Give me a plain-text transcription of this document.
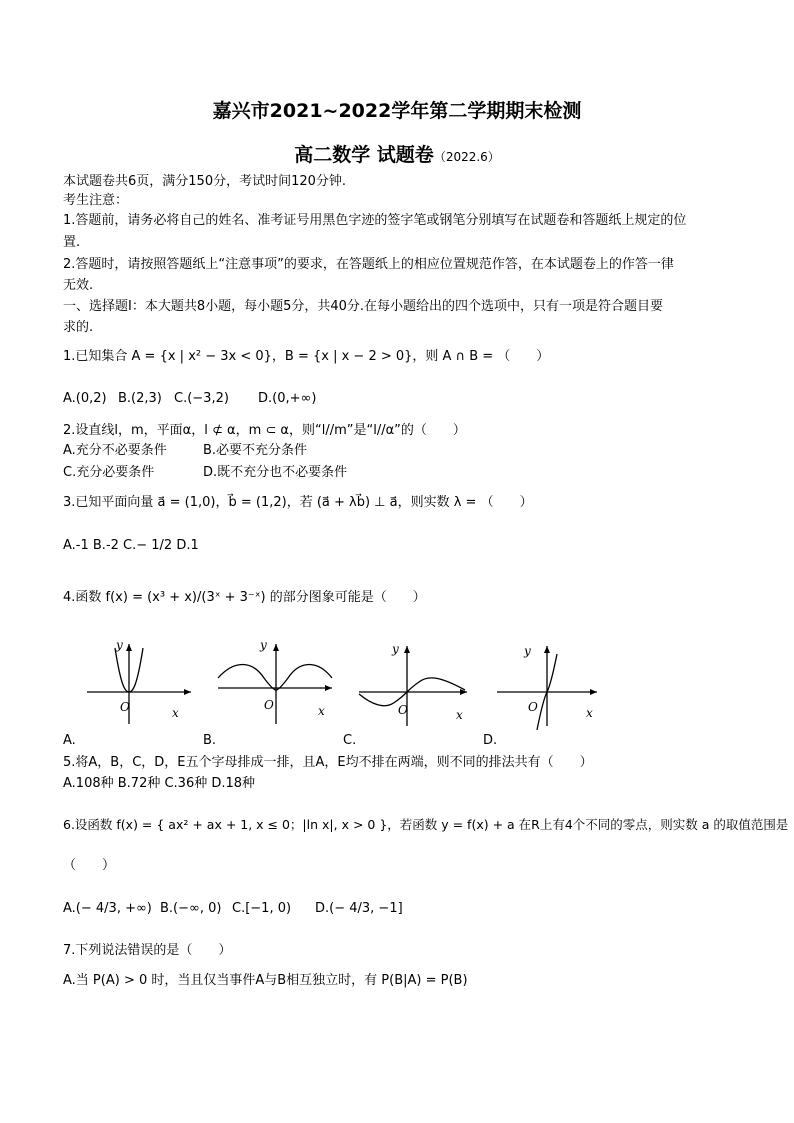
嘉兴市2021~2022学年第二学期期末检测
高二数学 试题卷（2022.6）
本试题卷共6页，满分150分，考试时间120分钟.
考生注意：
1.答题前，请务必将自己的姓名、准考证号用黑色字迹的签字笔或钢笔分别填写在试题卷和答题纸上规定的位
置.
2.答题时，请按照答题纸上“注意事项”的要求，在答题纸上的相应位置规范作答，在本试题卷上的作答一律
无效.
一、选择题Ⅰ：本大题共8小题，每小题5分，共40分.在每小题给出的四个选项中，只有一项是符合题目要
求的.
1.已知集合 A = {x | x² − 3x < 0}，B = {x | x − 2 > 0}，则 A ∩ B = （　　）
A.(0,2) B.(2,3) C.(−3,2) D.(0,+∞)
2.设直线l，m，平面α，l ⊄ α，m ⊂ α，则“l//m”是“l//α”的（　　）
A.充分不必要条件	B.必要不充分条件
C.充分必要条件	D.既不充分也不必要条件
3.已知平面向量 a⃗ = (1,0)，b⃗ = (1,2)，若 (a⃗ + λb⃗) ⊥ a⃗，则实数 λ = （　　）
A.-1 B.-2 C.− 1/2 D.1
4.函数 f(x) = (x³ + x)/(3ˣ + 3⁻ˣ) 的部分图象可能是（　　）
y
O	x
y
O	x
y
O	x
y
O	x
A.	B.	C.	D.
5.将A，B，C，D，E五个字母排成一排，且A，E均不排在两端，则不同的排法共有（　　）
A.108种 B.72种 C.36种 D.18种
6.设函数 f(x) = { ax² + ax + 1, x ≤ 0；|ln x|, x > 0 }，若函数 y = f(x) + a 在R上有4个不同的零点，则实数 a 的取值范围是
（　　）
A.(− 4/3, +∞) B.(−∞, 0) C.[−1, 0) D.(− 4/3, −1]
7.下列说法错误的是（　　）
A.当 P(A) > 0 时，当且仅当事件A与B相互独立时，有 P(B|A) = P(B)
